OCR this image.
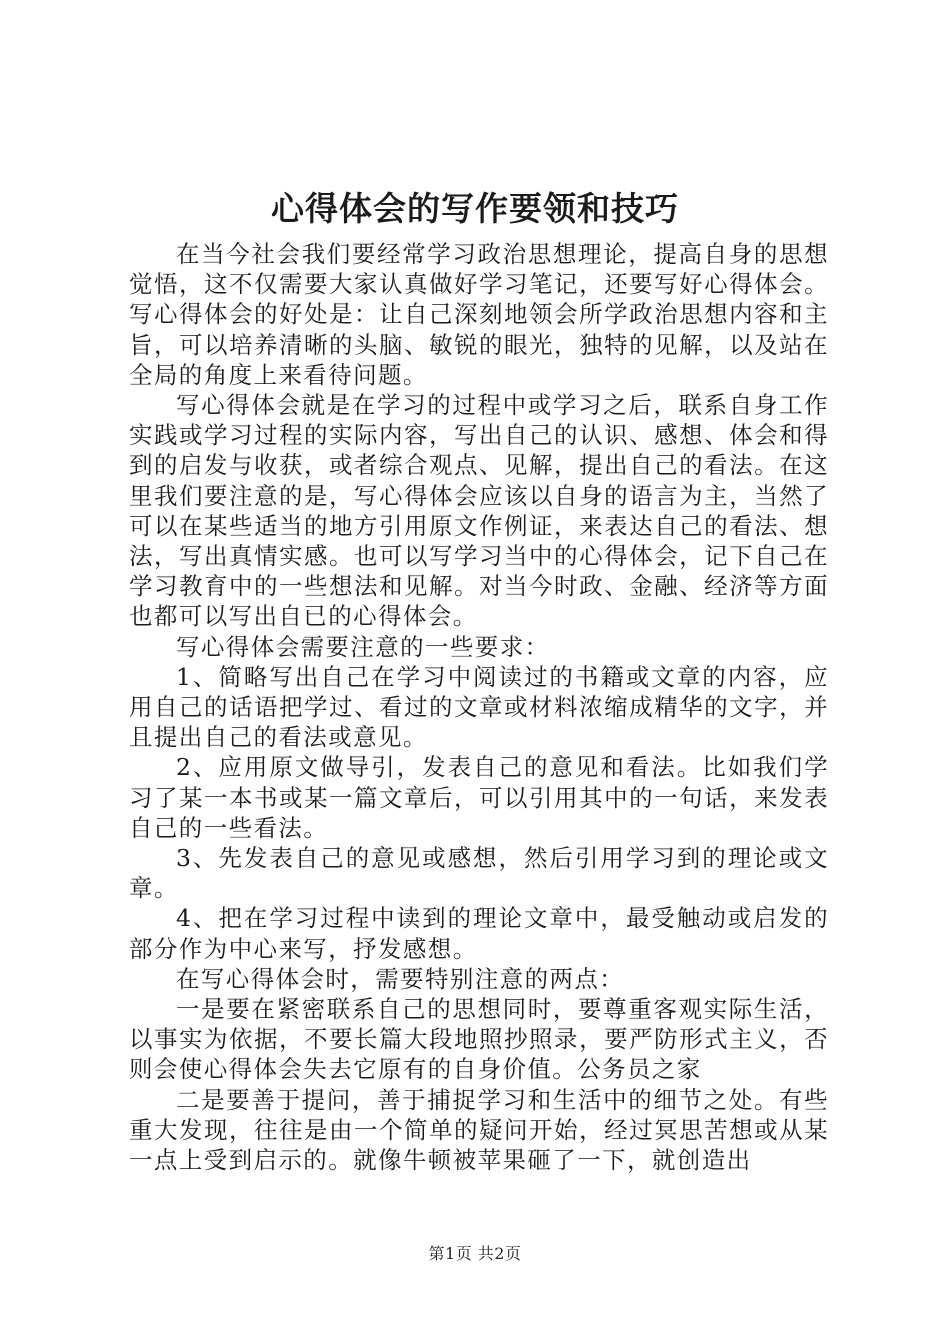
心得体会的写作要领和技巧

在当今社会我们要经常学习政治思想理论，提高自身的思想觉悟，这不仅需要大家认真做好学习笔记，还要写好心得体会。写心得体会的好处是：让自己深刻地领会所学政治思想内容和主旨，可以培养清晰的头脑、敏锐的眼光，独特的见解，以及站在全局的角度上来看待问题。

写心得体会就是在学习的过程中或学习之后，联系自身工作实践或学习过程的实际内容，写出自己的认识、感想、体会和得到的启发与收获，或者综合观点、见解，提出自己的看法。在这里我们要注意的是，写心得体会应该以自身的语言为主，当然了可以在某些适当的地方引用原文作例证，来表达自己的看法、想法，写出真情实感。也可以写学习当中的心得体会，记下自己在学习教育中的一些想法和见解。对当今时政、金融、经济等方面也都可以写出自已的心得体会。

写心得体会需要注意的一些要求：

1、简略写出自己在学习中阅读过的书籍或文章的内容，应用自己的话语把学过、看过的文章或材料浓缩成精华的文字，并且提出自己的看法或意见。

2、应用原文做导引，发表自己的意见和看法。比如我们学习了某一本书或某一篇文章后，可以引用其中的一句话，来发表自己的一些看法。

3、先发表自己的意见或感想，然后引用学习到的理论或文章。

4、把在学习过程中读到的理论文章中，最受触动或启发的部分作为中心来写，抒发感想。

在写心得体会时，需要特别注意的两点：

一是要在紧密联系自己的思想同时，要尊重客观实际生活，以事实为依据，不要长篇大段地照抄照录，要严防形式主义，否则会使心得体会失去它原有的自身价值。公务员之家

二是要善于提问，善于捕捉学习和生活中的细节之处。有些重大发现，往往是由一个简单的疑问开始，经过冥思苦想或从某一点上受到启示的。就像牛顿被苹果砸了一下，就创造出

第1页 共2页
